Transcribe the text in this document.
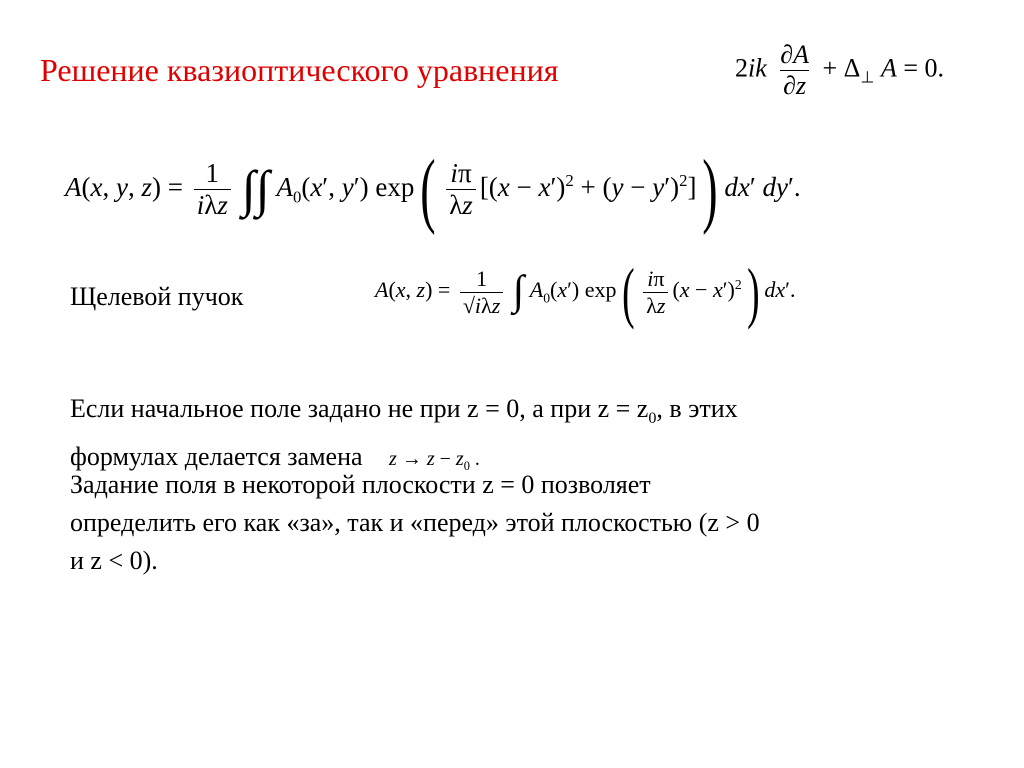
Решение квазиоптического уравнения	$2ik \frac{\partial A}{\partial z} + \Delta_\perp$ A = 0.
A(x, y, $z) = \frac{1}{\text{iλz}}$ ∫∫ $A_0(x'$, y′) $\exp( \frac{i\pi}{\lambda z} [(x - x')^2 + (y - y')^2])$ dx′ dy′.
Щелевой пучок	A(x, $z) = \frac{1}{\text{√iλz}}$ ∫ $A_0(x')$ $\exp( \frac{i\pi}{\lambda z} (x - x')^2)$ dx′.
Если начальное поле задано не при z = 0, а при $z = z_0$, в этих
формулах делается замена $z \to z - z_0$ .
Задание поля в некоторой плоскости z = 0 позволяет
определить его как «за», так и «перед» этой плоскостью (z > 0
и z < 0).
